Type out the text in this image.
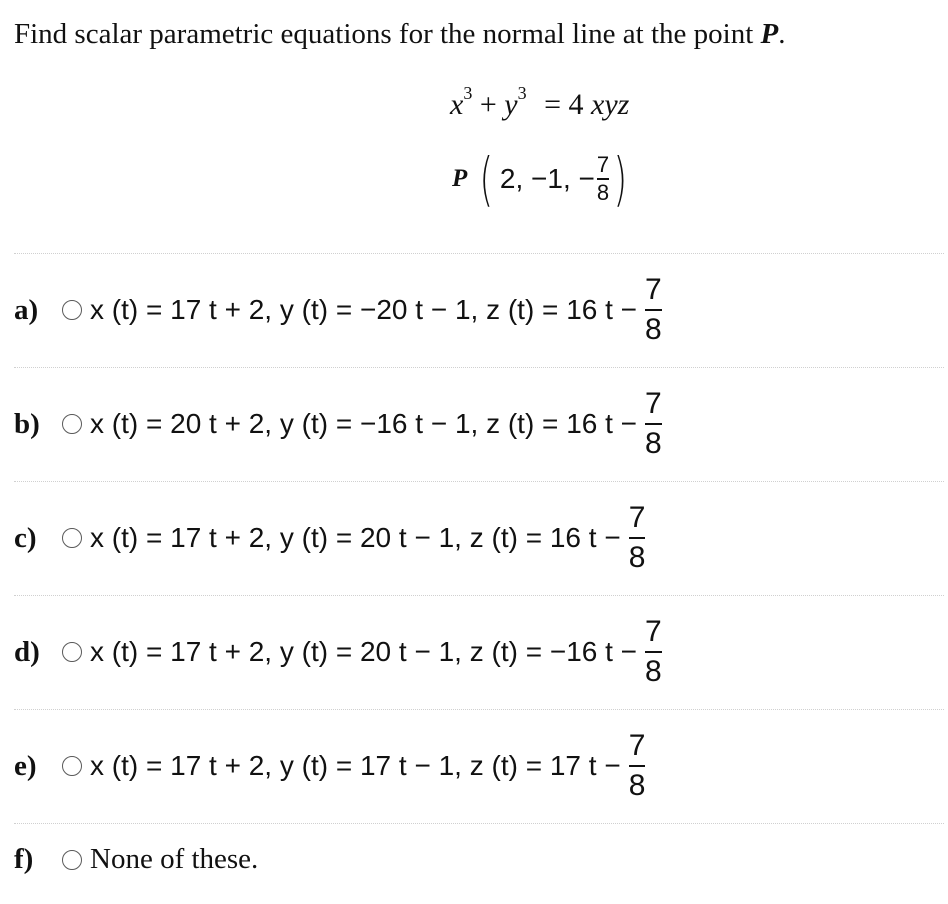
Find scalar parametric equations for the normal line at the point P.
$x^3 + y^3 = 4$ xyz
P ( 2, −1, − $\frac{7}{8}$ )
a)	x (t) = 17 t + 2, y (t) = −20 t − 1, z (t) = 16 $t - \frac{7}{8}$
b)	x (t) = 20 t + 2, y (t) = −16 t − 1, z (t) = 16 $t - \frac{7}{8}$
c)	x (t) = 17 t + 2, y (t) = 20 t − 1, z (t) = 16 $t - \frac{7}{8}$
d)	x (t) = 17 t + 2, y (t) = 20 t − 1, z (t) = −16 $t - \frac{7}{8}$
e)	x (t) = 17 t + 2, y (t) = 17 t − 1, z (t) = 17 $t - \frac{7}{8}$
f)	None of these.
